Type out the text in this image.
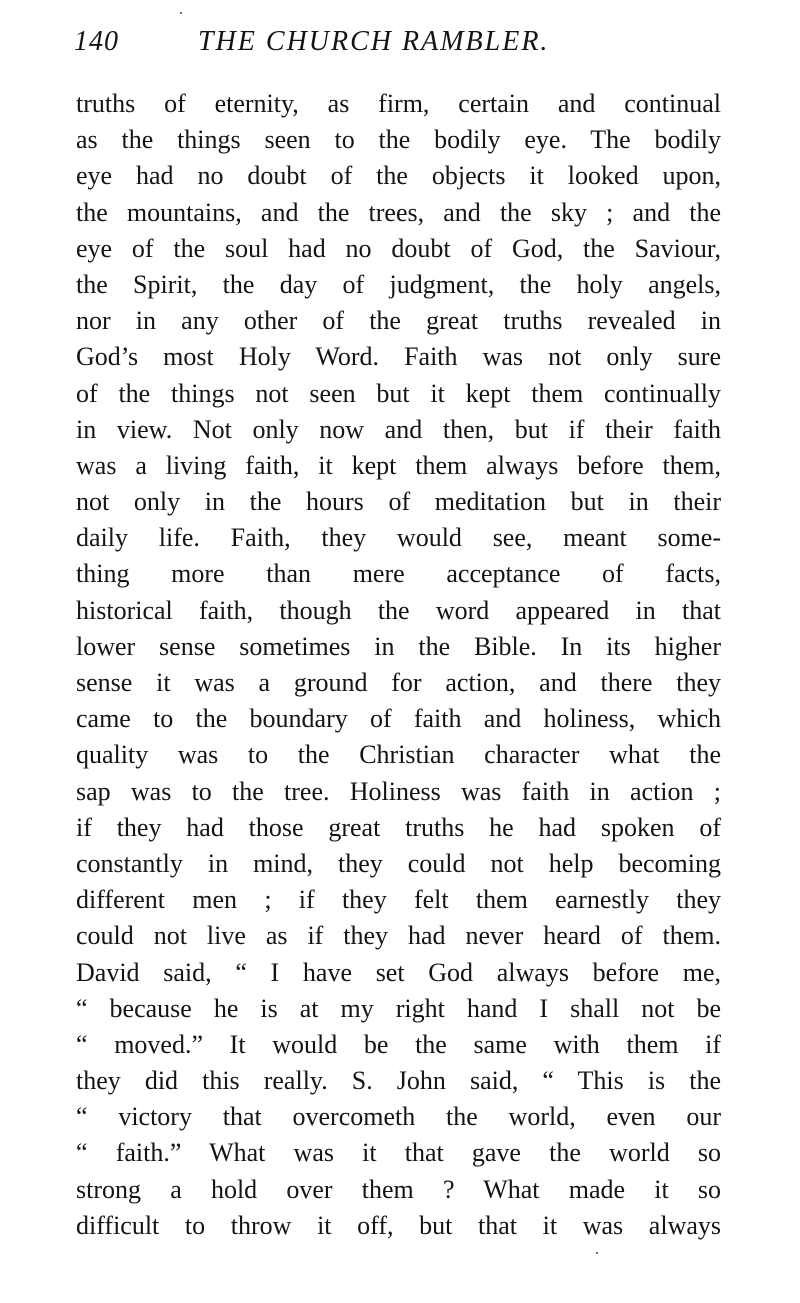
140	THE CHURCH RAMBLER.
truths of eternity, as firm, certain and continual
as the things seen to the bodily eye. The bodily
eye had no doubt of the objects it looked upon,
the mountains, and the trees, and the sky ; and the
eye of the soul had no doubt of God, the Saviour,
the Spirit, the day of judgment, the holy angels,
nor in any other of the great truths revealed in
God’s most Holy Word. Faith was not only sure
of the things not seen but it kept them continually
in view. Not only now and then, but if their faith
was a living faith, it kept them always before them,
not only in the hours of meditation but in their
daily life. Faith, they would see, meant some-
thing more than mere acceptance of facts,
historical faith, though the word appeared in that
lower sense sometimes in the Bible. In its higher
sense it was a ground for action, and there they
came to the boundary of faith and holiness, which
quality was to the Christian character what the
sap was to the tree. Holiness was faith in action ;
if they had those great truths he had spoken of
constantly in mind, they could not help becoming
different men ; if they felt them earnestly they
could not live as if they had never heard of them.
David said, “ I have set God always before me,
“ because he is at my right hand I shall not be
“ moved.” It would be the same with them if
they did this really. S. John said, “ This is the
“ victory that overcometh the world, even our
“ faith.” What was it that gave the world so
strong a hold over them ? What made it so
difficult to throw it off, but that it was always
